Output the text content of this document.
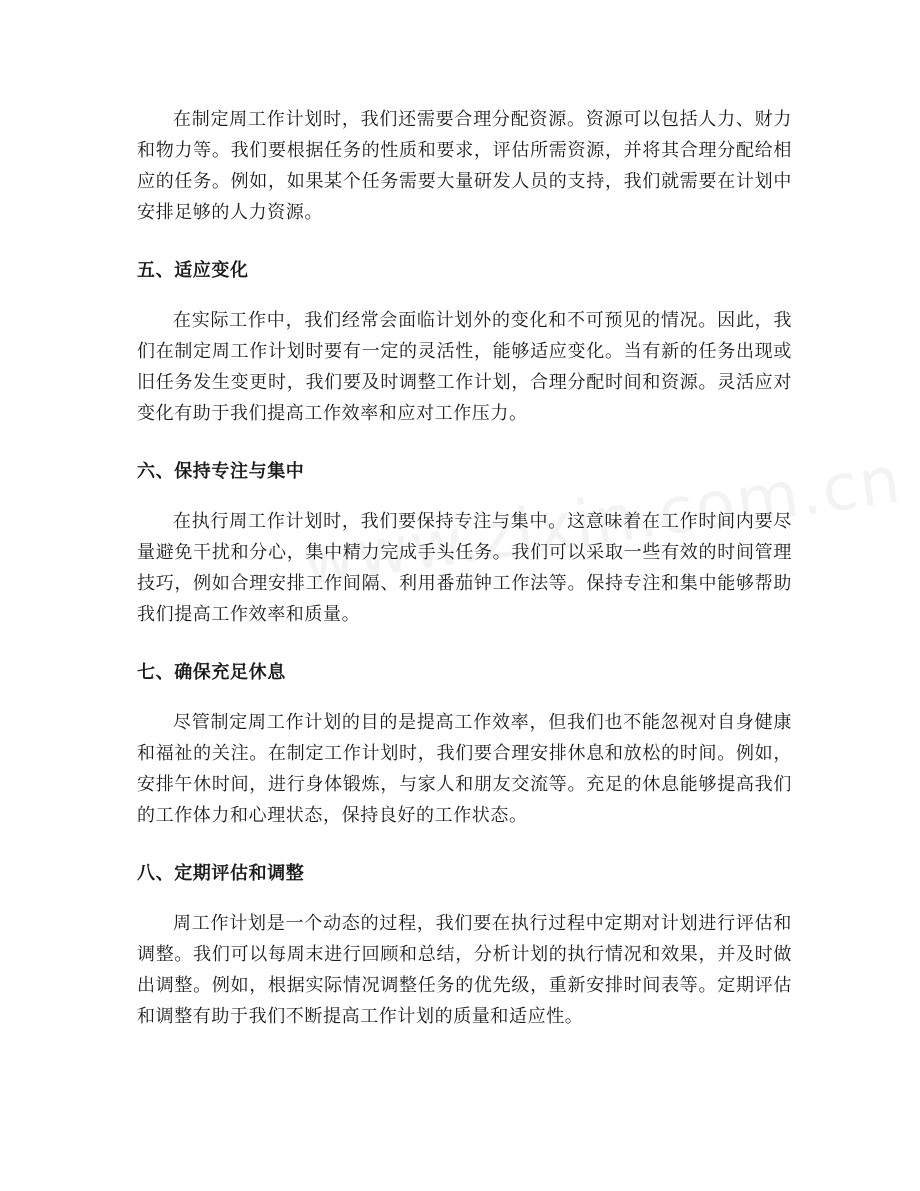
在制定周工作计划时，我们还需要合理分配资源。资源可以包括人力、财力和物力等。我们要根据任务的性质和要求，评估所需资源，并将其合理分配给相应的任务。例如，如果某个任务需要大量研发人员的支持，我们就需要在计划中安排足够的人力资源。

五、适应变化

在实际工作中，我们经常会面临计划外的变化和不可预见的情况。因此，我们在制定周工作计划时要有一定的灵活性，能够适应变化。当有新的任务出现或旧任务发生变更时，我们要及时调整工作计划，合理分配时间和资源。灵活应对变化有助于我们提高工作效率和应对工作压力。

六、保持专注与集中

在执行周工作计划时，我们要保持专注与集中。这意味着在工作时间内要尽量避免干扰和分心，集中精力完成手头任务。我们可以采取一些有效的时间管理技巧，例如合理安排工作间隔、利用番茄钟工作法等。保持专注和集中能够帮助我们提高工作效率和质量。

七、确保充足休息

尽管制定周工作计划的目的是提高工作效率，但我们也不能忽视对自身健康和福祉的关注。在制定工作计划时，我们要合理安排休息和放松的时间。例如，安排午休时间，进行身体锻炼，与家人和朋友交流等。充足的休息能够提高我们的工作体力和心理状态，保持良好的工作状态。

八、定期评估和调整

周工作计划是一个动态的过程，我们要在执行过程中定期对计划进行评估和调整。我们可以每周末进行回顾和总结，分析计划的执行情况和效果，并及时做出调整。例如，根据实际情况调整任务的优先级，重新安排时间表等。定期评估和调整有助于我们不断提高工作计划的质量和适应性。
